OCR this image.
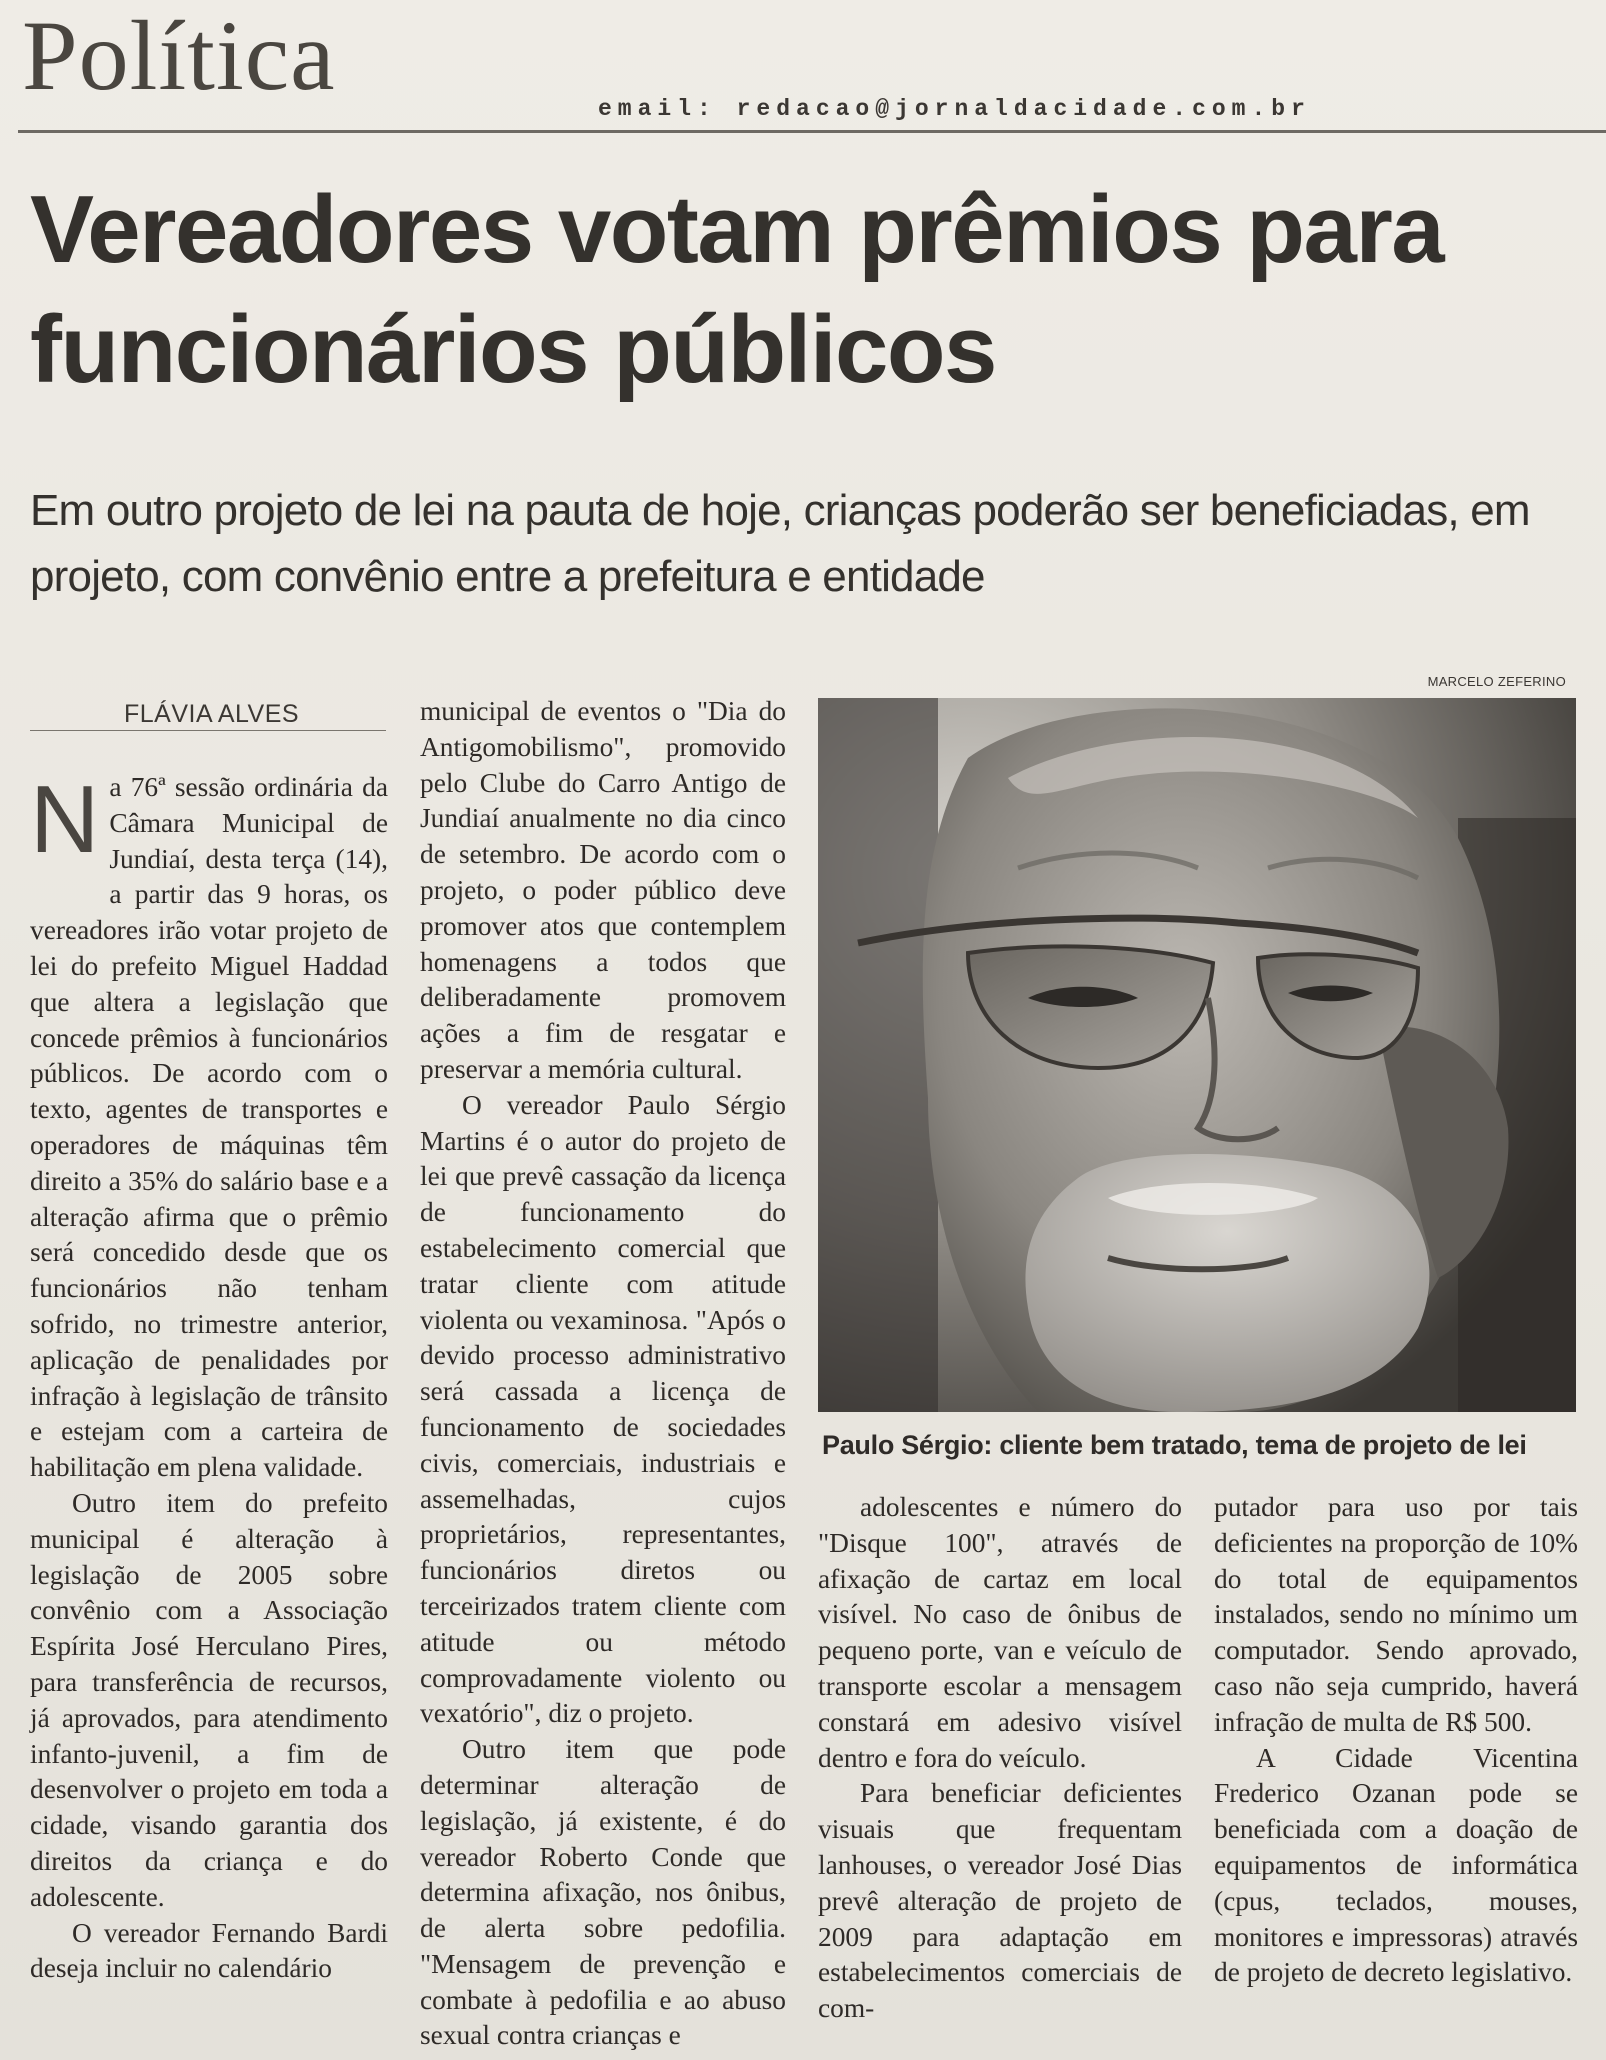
Política	email: redacao@jornaldacidade.com.br
Vereadores votam prêmios para funcionários públicos

Em outro projeto de lei na pauta de hoje, crianças poderão ser beneficiadas, em projeto, com convênio entre a prefeitura e entidade

FLÁVIA ALVES
N a 76ª sessão ordinária da Câmara Municipal de Jundiaí, desta terça (14), a partir das 9 horas, os vereadores irão votar projeto de lei do prefeito Miguel Haddad que altera a legislação que concede prêmios à funcionários públicos. De acordo com o texto, agentes de transportes e operadores de máquinas têm direito a 35% do salário base e a alteração afirma que o prêmio será concedido desde que os funcionários não tenham sofrido, no trimestre anterior, aplicação de penalidades por infração à legislação de trânsito e estejam com a carteira de habilitação em plena validade.

Outro item do prefeito municipal é alteração à legislação de 2005 sobre convênio com a Associação Espírita José Herculano Pires, para transferência de recursos, já aprovados, para atendimento infanto-juvenil, a fim de desenvolver o projeto em toda a cidade, visando garantia dos direitos da criança e do adolescente.

O vereador Fernando Bardi deseja incluir no calendário

municipal de eventos o "Dia do Antigomobilismo", promovido pelo Clube do Carro Antigo de Jundiaí anualmente no dia cinco de setembro. De acordo com o projeto, o poder público deve promover atos que contemplem homenagens a todos que deliberadamente promovem ações a fim de resgatar e preservar a memória cultural.

O vereador Paulo Sérgio Martins é o autor do projeto de lei que prevê cassação da licença de funcionamento do estabelecimento comercial que tratar cliente com atitude violenta ou vexaminosa. "Após o devido processo administrativo será cassada a licença de funcionamento de sociedades civis, comerciais, industriais e assemelhadas, cujos proprietários, representantes, funcionários diretos ou terceirizados tratem cliente com atitude ou método comprovadamente violento ou vexatório", diz o projeto.

Outro item que pode determinar alteração de legislação, já existente, é do vereador Roberto Conde que determina afixação, nos ônibus, de alerta sobre pedofilia. "Mensagem de prevenção e combate à pedofilia e ao abuso sexual contra crianças e

MARCELO ZEFERINO
Paulo Sérgio: cliente bem tratado, tema de projeto de lei

adolescentes e número do "Disque 100", através de afixação de cartaz em local visível. No caso de ônibus de pequeno porte, van e veículo de transporte escolar a mensagem constará em adesivo visível dentro e fora do veículo.

Para beneficiar deficientes visuais que frequentam lanhouses, o vereador José Dias prevê alteração de projeto de 2009 para adaptação em estabelecimentos comerciais de com-

putador para uso por tais deficientes na proporção de 10% do total de equipamentos instalados, sendo no mínimo um computador. Sendo aprovado, caso não seja cumprido, haverá infração de multa de R$ 500.

A Cidade Vicentina Frederico Ozanan pode se beneficiada com a doação de equipamentos de informática (cpus, teclados, mouses, monitores e impressoras) através de projeto de decreto legislativo.
